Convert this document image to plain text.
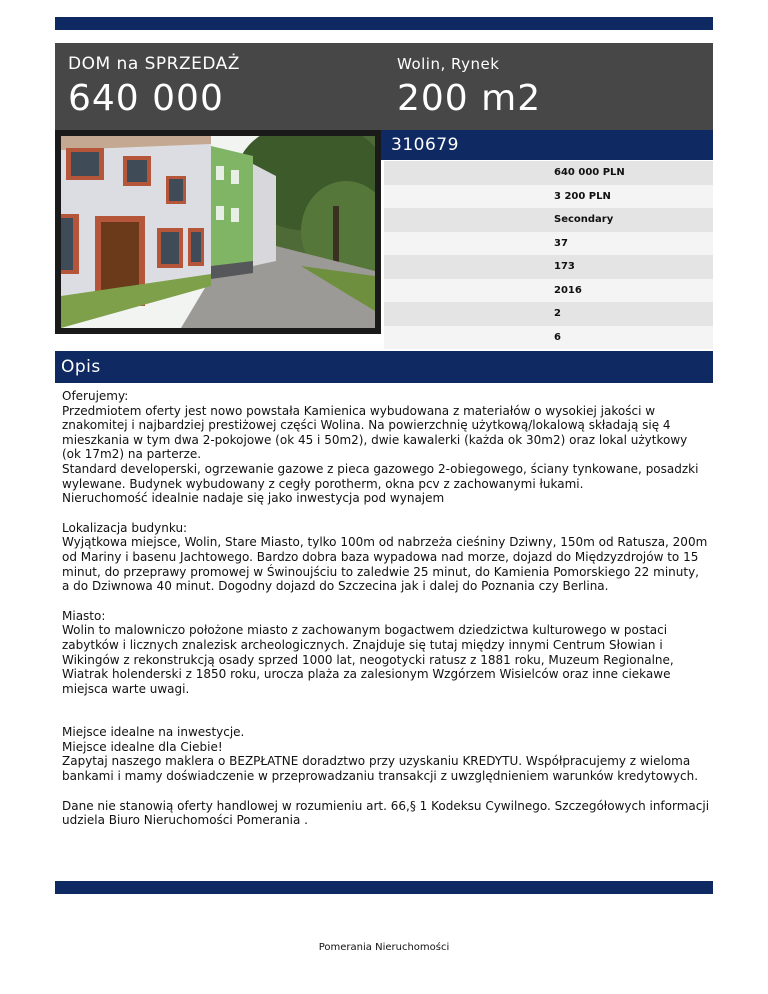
DOM na SPRZEDAŻ
640 000
Wolin, Rynek
200 m2
310679
640 000 PLN
3 200 PLN
Secondary
37
173
2016
2
6
Opis

Oferujemy:
Przedmiotem oferty jest nowo powstała Kamienica wybudowana z materiałów o wysokiej jakości w znakomitej i najbardziej prestiżowej części Wolina. Na powierzchnię użytkową/lokalową składają się 4 mieszkania w tym dwa 2-pokojowe (ok 45 i 50m2), dwie kawalerki (każda ok 30m2) oraz lokal użytkowy (ok 17m2) na parterze.
Standard developerski, ogrzewanie gazowe z pieca gazowego 2-obiegowego, ściany tynkowane, posadzki wylewane. Budynek wybudowany z cegły porotherm, okna pcv z zachowanymi łukami.
Nieruchomość idealnie nadaje się jako inwestycja pod wynajem

Lokalizacja budynku:
Wyjątkowa miejsce, Wolin, Stare Miasto, tylko 100m od nabrzeża cieśniny Dziwny, 150m od Ratusza, 200m od Mariny i basenu Jachtowego. Bardzo dobra baza wypadowa nad morze, dojazd do Międzyzdrojów to 15 minut, do przeprawy promowej w Świnoujściu to zaledwie 25 minut, do Kamienia Pomorskiego 22 minuty, a do Dziwnowa 40 minut. Dogodny dojazd do Szczecina jak i dalej do Poznania czy Berlina.

Miasto:
Wolin to malowniczo położone miasto z zachowanym bogactwem dziedzictwa kulturowego w postaci zabytków i licznych znalezisk archeologicznych. Znajduje się tutaj między innymi Centrum Słowian i Wikingów z rekonstrukcją osady sprzed 1000 lat, neogotycki ratusz z 1881 roku, Muzeum Regionalne, Wiatrak holenderski z 1850 roku, urocza plaża za zalesionym Wzgórzem Wisielców oraz inne ciekawe miejsca warte uwagi.

Miejsce idealne na inwestycje.
Miejsce idealne dla Ciebie!
Zapytaj naszego maklera o BEZPŁATNE doradztwo przy uzyskaniu KREDYTU. Współpracujemy z wieloma bankami i mamy doświadczenie w przeprowadzaniu transakcji z uwzględnieniem warunków kredytowych.

Dane nie stanowią oferty handlowej w rozumieniu art. 66,§ 1 Kodeksu Cywilnego. Szczegółowych informacji udziela Biuro Nieruchomości Pomerania .

Pomerania Nieruchomości
